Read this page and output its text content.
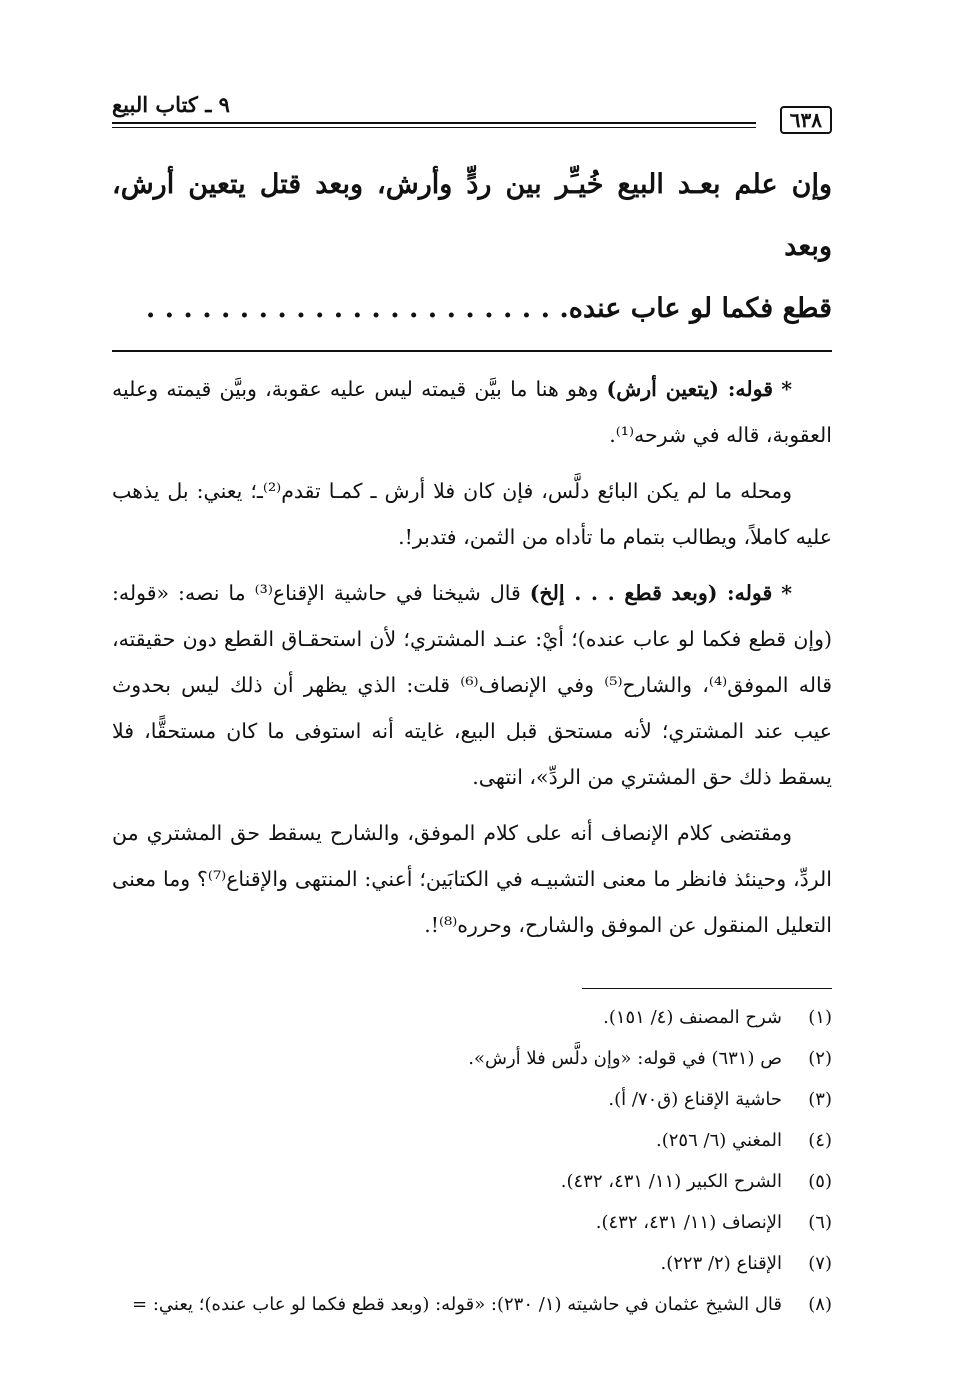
٦٣٨
٩ ـ كتاب البيع

وإن علم بعـد البيع خُيـِّر بين ردٍّ وأرش، وبعد قتل يتعين أرش، وبعد

قطع فكما لو عاب عنده. . . . . . . . . . . . . . . . . . . . . . .

* قوله: (يتعين أرش) وهو هنا ما بيَّن قيمته ليس عليه عقوبة، وبيَّن قيمته وعليه العقوبة، قاله في شرحه⁽¹⁾.

ومحله ما لم يكن البائع دلَّس، فإن كان فلا أرش ـ كمـا تقدم⁽²⁾ـ؛ يعني: بل يذهب عليه كاملاً، ويطالب بتمام ما تأداه من الثمن، فتدبر!.

* قوله: (وبعد قطع . . . إلخ) قال شيخنا في حاشية الإقناع⁽³⁾ ما نصه: «قوله: (وإن قطع فكما لو عاب عنده)؛ أيْ: عنـد المشتري؛ لأن استحقـاق القطع دون حقيقته، قاله الموفق⁽⁴⁾، والشارح⁽⁵⁾ وفي الإنصاف⁽⁶⁾ قلت: الذي يظهر أن ذلك ليس بحدوث عيب عند المشتري؛ لأنه مستحق قبل البيع، غايته أنه استوفى ما كان مستحقًّا، فلا يسقط ذلك حق المشتري من الردِّ»، انتهى.

ومقتضى كلام الإنصاف أنه على كلام الموفق، والشارح يسقط حق المشتري من الردِّ، وحينئذ فانظر ما معنى التشبيـه في الكتابَين؛ أعني: المنتهى والإقناع⁽⁷⁾؟ وما معنى التعليل المنقول عن الموفق والشارح، وحرره⁽⁸⁾!.

(١)
شرح المصنف (٤/ ١٥١).
(٢)
ص (٦٣١) في قوله: «وإن دلَّس فلا أرش».
(٣)
حاشية الإقناع (ق٧٠/ أ).
(٤)
المغني (٦/ ٢٥٦).
(٥)
الشرح الكبير (١١/ ٤٣١، ٤٣٢).
(٦)
الإنصاف (١١/ ٤٣١، ٤٣٢).
(٧)
الإقناع (٢/ ٢٢٣).
(٨)
قال الشيخ عثمان في حاشيته (١/ ٢٣٠): «قوله: (وبعد قطع فكما لو عاب عنده)؛ يعني: =
